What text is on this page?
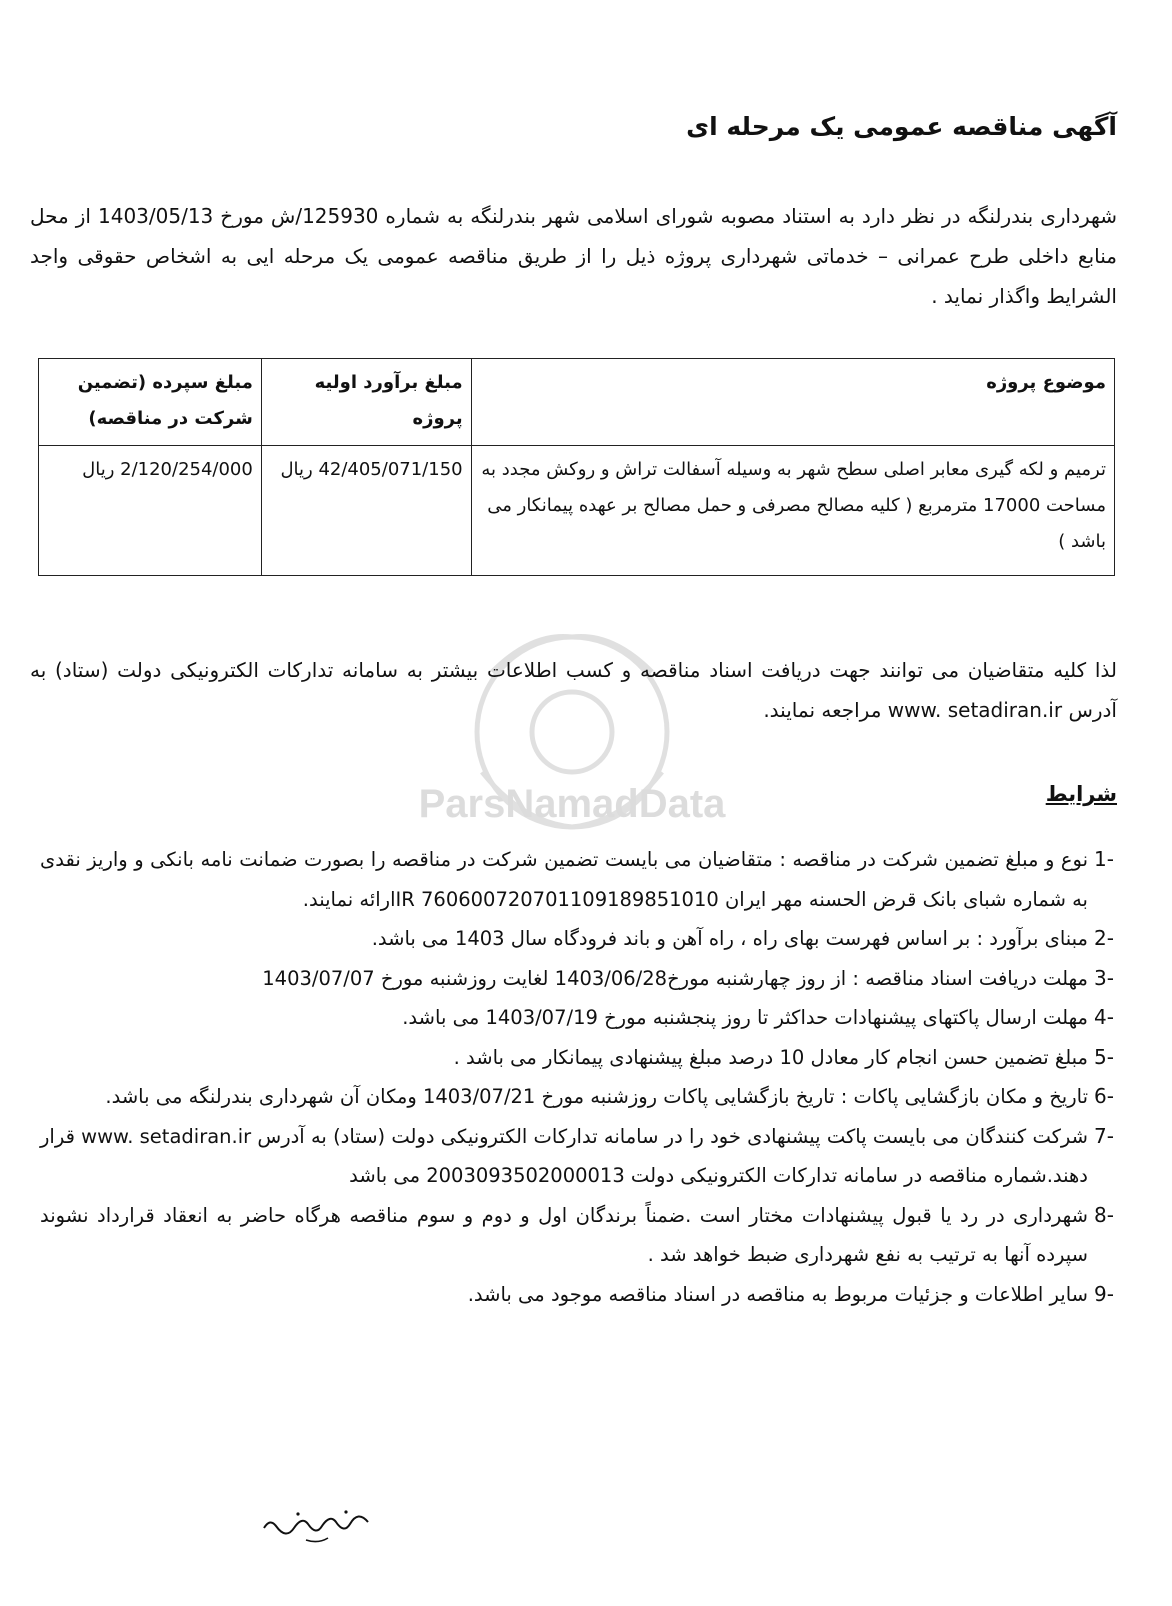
ParsNamadData
آگهی مناقصه عمومی یک مرحله ای
شهرداری بندرلنگه در نظر دارد به استناد مصوبه شورای اسلامی شهر بندرلنگه به شماره 125930/ش مورخ 1403/05/13 از محل منابع داخلی طرح عمرانی – خدماتی شهرداری پروژه ذیل را از طریق مناقصه عمومی یک مرحله ایی به اشخاص حقوقی واجد الشرایط واگذار نماید .
موضوع پروژه	مبلغ برآورد اولیه پروژه	مبلغ سپرده (تضمین شرکت در مناقصه)
ترمیم و لکه گیری معابر اصلی سطح شهر به وسیله آسفالت تراش و روکش مجدد به مساحت 17000 مترمربع ( کلیه مصالح مصرفی و حمل مصالح بر عهده پیمانکار می باشد )	42/405/071/150 ریال	2/120/254/000 ریال
لذا کلیه متقاضیان می توانند جهت دریافت اسناد مناقصه و کسب اطلاعات بیشتر به سامانه تدارکات الکترونیکی دولت (ستاد) به آدرس www. setadiran.ir مراجعه نمایند.
شرایط
1-
نوع و مبلغ تضمین شرکت در مناقصه : متقاضیان می بایست تضمین شرکت در مناقصه را بصورت ضمانت نامه بانکی و واریز نقدی به شماره شبای بانک قرض الحسنه مهر ایران IR 760600720701109189851010ارائه نمایند.
2-
مبنای برآورد : بر اساس فهرست بهای راه ، راه آهن و باند فرودگاه سال 1403 می باشد.
3-
مهلت دریافت اسناد مناقصه : از روز چهارشنبه مورخ1403/06/28 لغایت روزشنبه مورخ 1403/07/07
4-
مهلت ارسال پاکتهای پیشنهادات حداکثر تا روز پنجشنبه مورخ 1403/07/19 می باشد.
5-
مبلغ تضمین حسن انجام کار معادل 10 درصد مبلغ پیشنهادی پیمانکار می باشد .
6-
تاریخ و مکان بازگشایی پاکات : تاریخ بازگشایی پاکات روزشنبه مورخ 1403/07/21 ومکان آن شهرداری بندرلنگه می باشد.
7-
شرکت کنندگان می بایست پاکت پیشنهادی خود را در سامانه تدارکات الکترونیکی دولت (ستاد) به آدرس www. setadiran.ir قرار دهند.شماره مناقصه در سامانه تدارکات الکترونیکی دولت 2003093502000013 می باشد
8-
شهرداری در رد یا قبول پیشنهادات مختار است .ضمناً برندگان اول و دوم و سوم مناقصه هرگاه حاضر به انعقاد قرارداد نشوند سپرده آنها به ترتیب به نفع شهرداری ضبط خواهد شد .
9-
سایر اطلاعات و جزئیات مربوط به مناقصه در اسناد مناقصه موجود می باشد.
